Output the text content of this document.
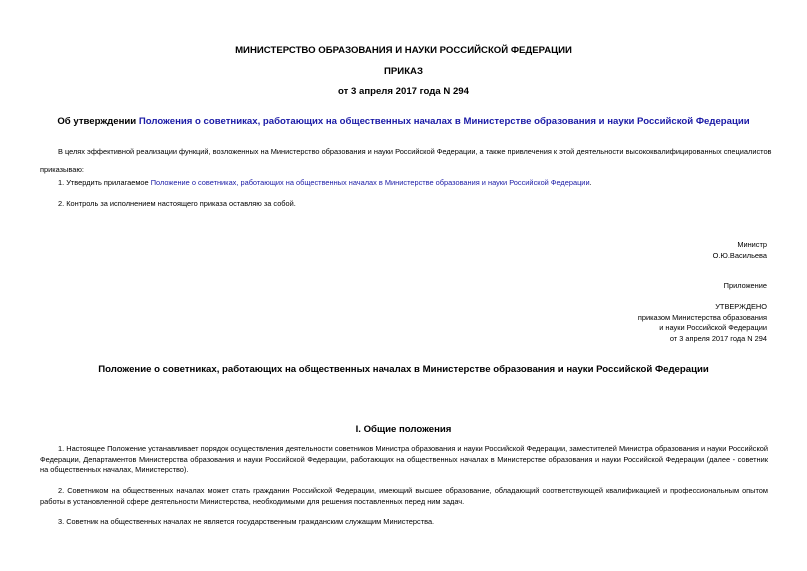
МИНИСТЕРСТВО ОБРАЗОВАНИЯ И НАУКИ РОССИЙСКОЙ ФЕДЕРАЦИИ
ПРИКАЗ
от 3 апреля 2017 года N 294
Об утверждении Положения о советниках, работающих на общественных началах в Министерстве образования и науки Российской Федерации
В целях эффективной реализации функций, возложенных на Министерство образования и науки Российской Федерации, а также привлечения к этой деятельности высококвалифицированных специалистов
приказываю:
1. Утвердить прилагаемое Положение о советниках, работающих на общественных началах в Министерстве образования и науки Российской Федерации.
2. Контроль за исполнением настоящего приказа оставляю за собой.
Министр
О.Ю.Васильева
Приложение
УТВЕРЖДЕНО
приказом Министерства образования
и науки Российской Федерации
от 3 апреля 2017 года N 294
Положение о советниках, работающих на общественных началах в Министерстве образования и науки Российской Федерации
I. Общие положения
1. Настоящее Положение устанавливает порядок осуществления деятельности советников Министра образования и науки Российской Федерации, заместителей Министра образования и науки Российской Федерации, Департаментов Министерства образования и науки Российской Федерации, работающих на общественных началах в Министерстве образования и науки Российской Федерации (далее - советник на общественных началах, Министерство).
2. Советником на общественных началах может стать гражданин Российской Федерации, имеющий высшее образование, обладающий соответствующей квалификацией и профессиональным опытом работы в установленной сфере деятельности Министерства, необходимыми для решения поставленных перед ним задач.
3. Советник на общественных началах не является государственным гражданским служащим Министерства.
